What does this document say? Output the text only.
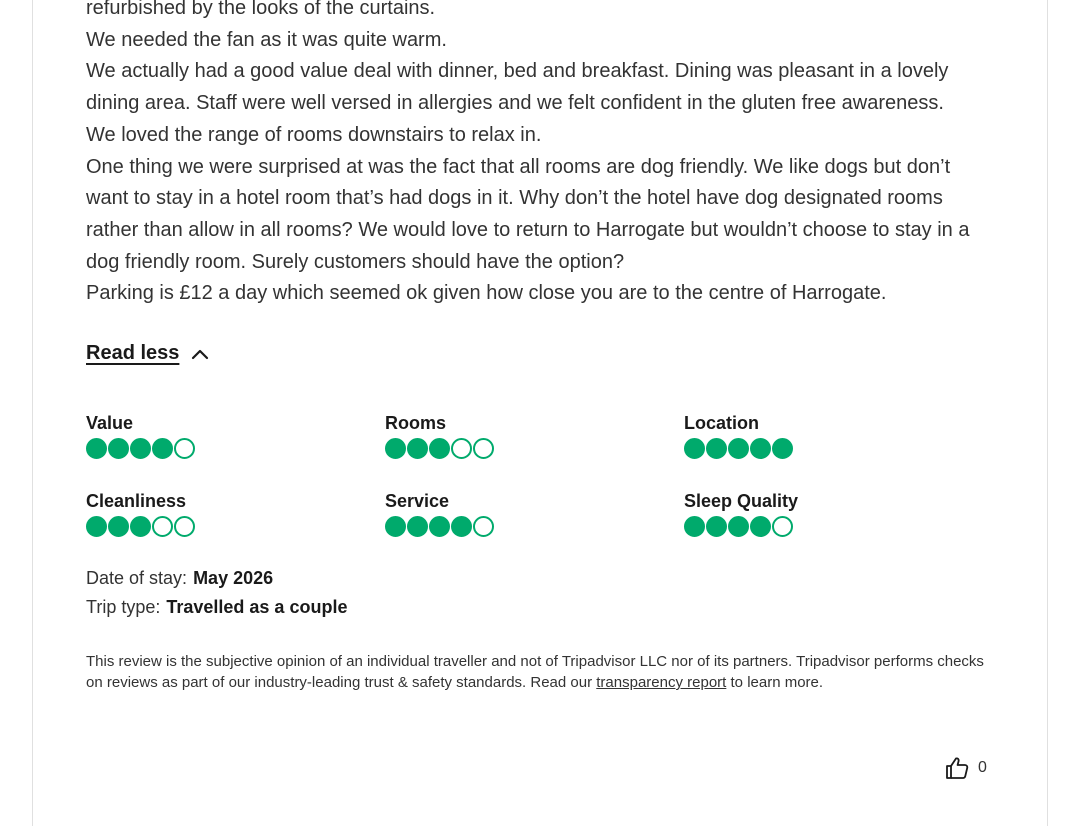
refurbished by the looks of the curtains.

We needed the fan as it was quite warm.

We actually had a good value deal with dinner, bed and breakfast. Dining was pleasant in a lovely dining area. Staff were well versed in allergies and we felt confident in the gluten free awareness.

We loved the range of rooms downstairs to relax in.

One thing we were surprised at was the fact that all rooms are dog friendly. We like dogs but don’t want to stay in a hotel room that’s had dogs in it. Why don’t the hotel have dog designated rooms rather than allow in all rooms? We would love to return to Harrogate but wouldn’t choose to stay in a dog friendly room. Surely customers should have the option?

Parking is £12 a day which seemed ok given how close you are to the centre of Harrogate.

Read less
Value	Rooms	Location
Cleanliness	Service	Sleep Quality
Date of stay: May 2026
Trip type: Travelled as a couple
This review is the subjective opinion of an individual traveller and not of Tripadvisor LLC nor of its partners. Tripadvisor performs checks on reviews as part of our industry-leading trust & safety standards. Read our transparency report to learn more.
0
